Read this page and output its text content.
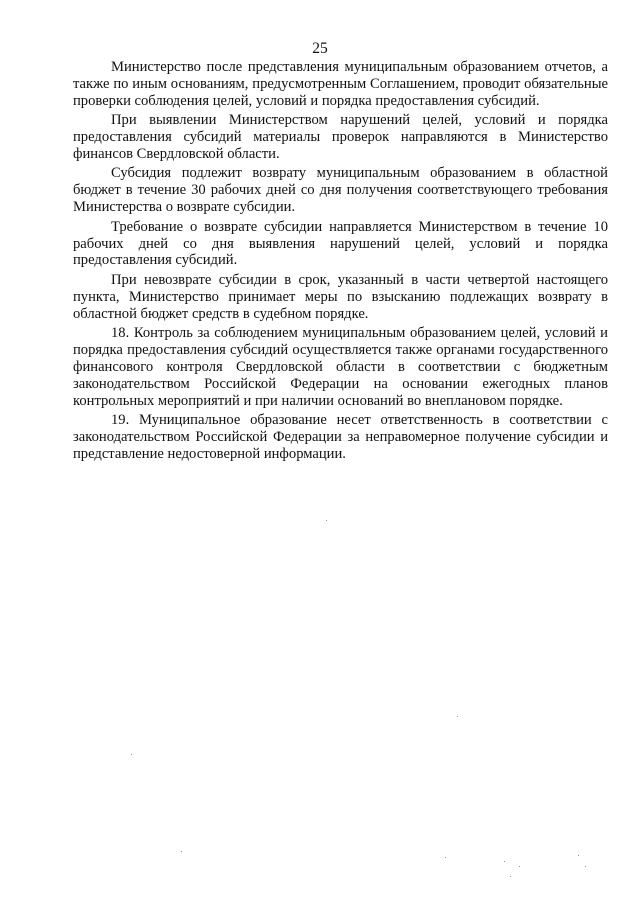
25

Министерство после представления муниципальным образованием отчетов, а также по иным основаниям, предусмотренным Соглашением, проводит обязательные проверки соблюдения целей, условий и порядка предоставления субсидий.

При выявлении Министерством нарушений целей, условий и порядка предоставления субсидий материалы проверок направляются в Министерство финансов Свердловской области.

Субсидия подлежит возврату муниципальным образованием в областной бюджет в течение 30 рабочих дней со дня получения соответствующего требования Министерства о возврате субсидии.

Требование о возврате субсидии направляется Министерством в течение 10 рабочих дней со дня выявления нарушений целей, условий и порядка предоставления субсидий.

При невозврате субсидии в срок, указанный в части четвертой настоящего пункта, Министерство принимает меры по взысканию подлежащих возврату в областной бюджет средств в судебном порядке.

18. Контроль за соблюдением муниципальным образованием целей, условий и порядка предоставления субсидий осуществляется также органами государственного финансового контроля Свердловской области в соответствии с бюджетным законодательством Российской Федерации на основании ежегодных планов контрольных мероприятий и при наличии оснований во внеплановом порядке.

19. Муниципальное образование несет ответственность в соответствии с законодательством Российской Федерации за неправомерное получение субсидии и представление недостоверной информации.
